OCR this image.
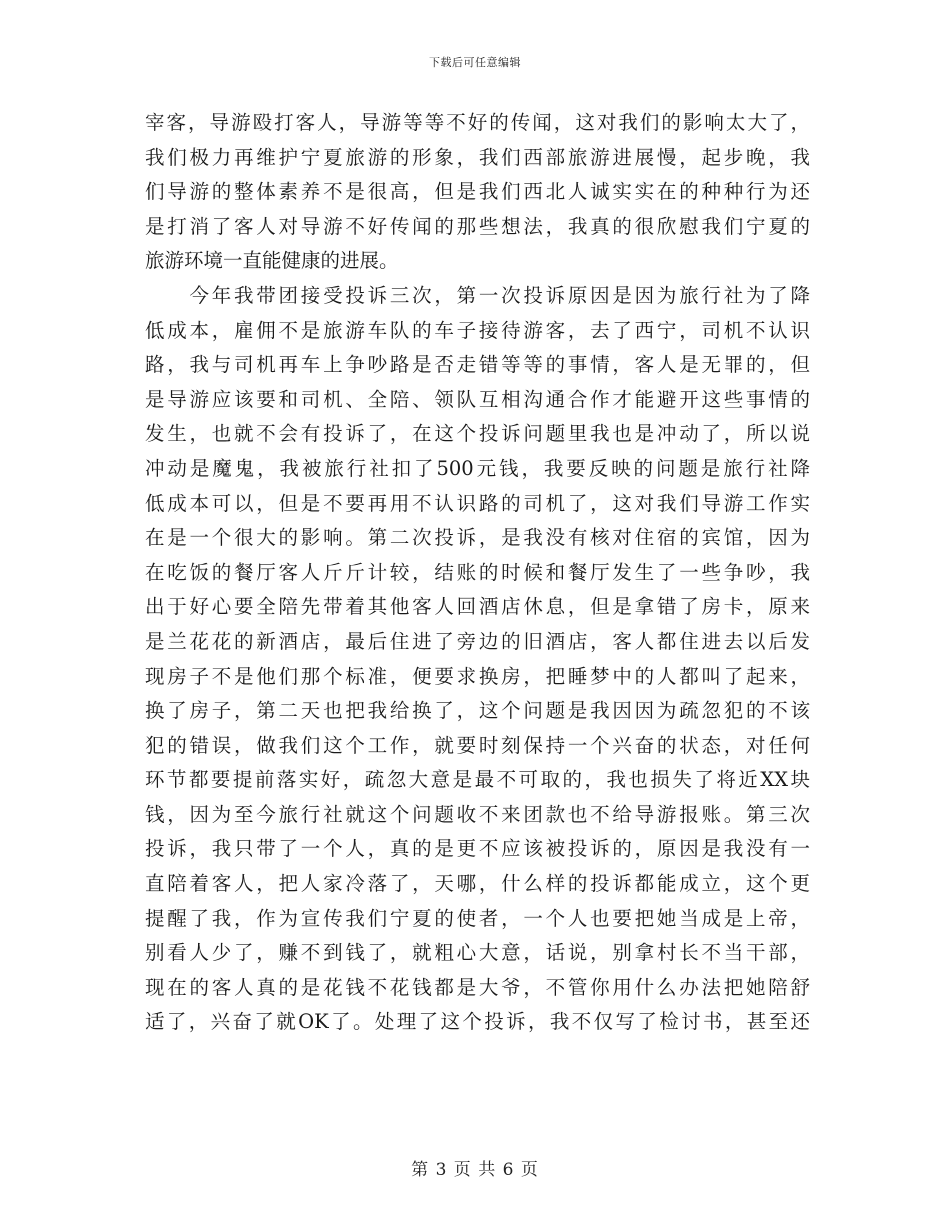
下载后可任意编辑
宰客，导游殴打客人，导游等等不好的传闻，这对我们的影响太大了，
我们极力再维护宁夏旅游的形象，我们西部旅游进展慢，起步晚，我
们导游的整体素养不是很高，但是我们西北人诚实实在的种种行为还
是打消了客人对导游不好传闻的那些想法，我真的很欣慰我们宁夏的
旅游环境一直能健康的进展。
　　今年我带团接受投诉三次，第一次投诉原因是因为旅行社为了降
低成本，雇佣不是旅游车队的车子接待游客，去了西宁，司机不认识
路，我与司机再车上争吵路是否走错等等的事情，客人是无罪的，但
是导游应该要和司机、全陪、领队互相沟通合作才能避开这些事情的
发生，也就不会有投诉了，在这个投诉问题里我也是冲动了，所以说
冲动是魔鬼，我被旅行社扣了500元钱，我要反映的问题是旅行社降
低成本可以，但是不要再用不认识路的司机了，这对我们导游工作实
在是一个很大的影响。第二次投诉，是我没有核对住宿的宾馆，因为
在吃饭的餐厅客人斤斤计较，结账的时候和餐厅发生了一些争吵，我
出于好心要全陪先带着其他客人回酒店休息，但是拿错了房卡，原来
是兰花花的新酒店，最后住进了旁边的旧酒店，客人都住进去以后发
现房子不是他们那个标准，便要求换房，把睡梦中的人都叫了起来，
换了房子，第二天也把我给换了，这个问题是我因因为疏忽犯的不该
犯的错误，做我们这个工作，就要时刻保持一个兴奋的状态，对任何
环节都要提前落实好，疏忽大意是最不可取的，我也损失了将近XX块
钱，因为至今旅行社就这个问题收不来团款也不给导游报账。第三次
投诉，我只带了一个人，真的是更不应该被投诉的，原因是我没有一
直陪着客人，把人家冷落了，天哪，什么样的投诉都能成立，这个更
提醒了我，作为宣传我们宁夏的使者，一个人也要把她当成是上帝，
别看人少了，赚不到钱了，就粗心大意，话说，别拿村长不当干部，
现在的客人真的是花钱不花钱都是大爷，不管你用什么办法把她陪舒
适了，兴奋了就OK了。处理了这个投诉，我不仅写了检讨书，甚至还
第 3 页 共 6 页
